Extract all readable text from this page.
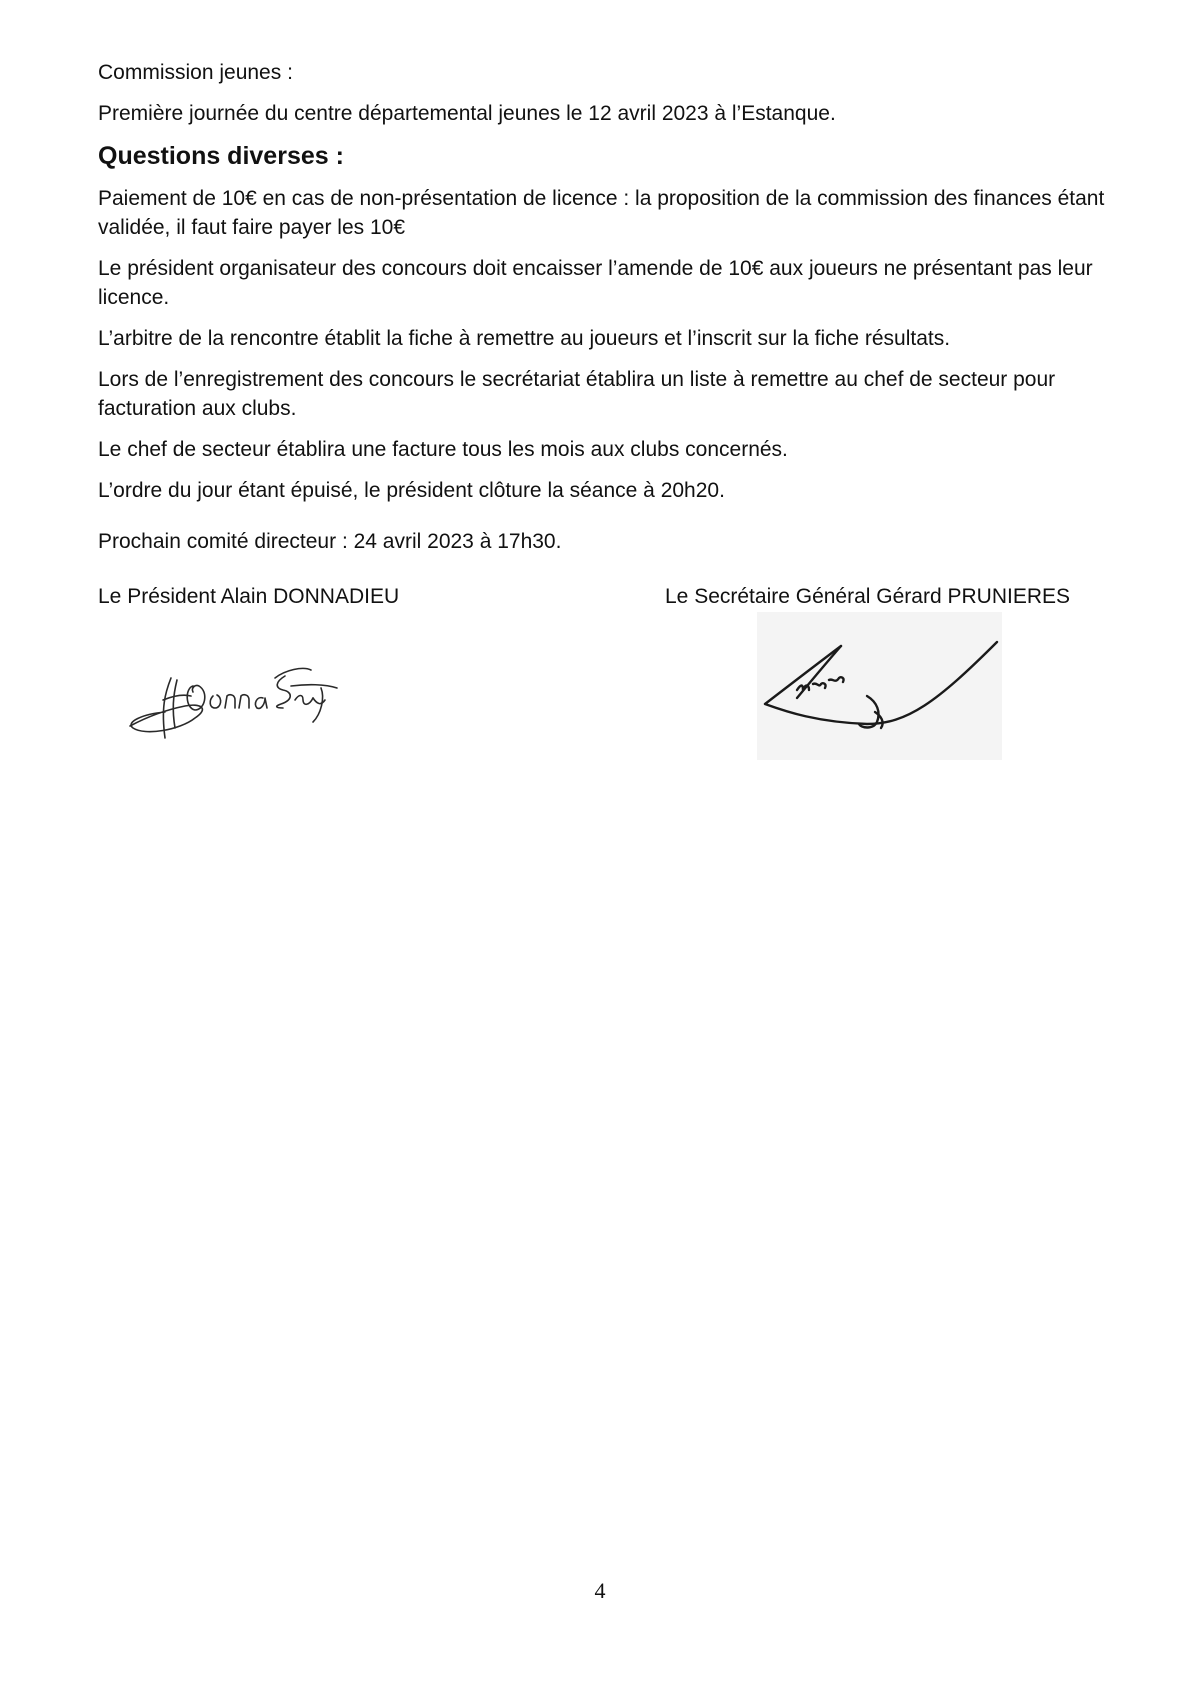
Commission jeunes :

Première journée du centre départemental jeunes le 12 avril 2023 à l’Estanque.

Questions diverses :

Paiement de 10€ en cas de non-présentation de licence : la proposition de la commission des finances étant validée, il faut faire payer les 10€

Le président organisateur des concours doit encaisser l’amende de 10€ aux joueurs ne présentant pas leur licence.

L’arbitre de la rencontre établit la fiche à remettre au joueurs et l’inscrit sur la fiche résultats.

Lors de l’enregistrement des concours le secrétariat établira un liste à remettre au chef de secteur pour facturation aux clubs.

Le chef de secteur établira une facture tous les mois aux clubs concernés.

L’ordre du jour étant épuisé, le président clôture la séance à 20h20.

Prochain comité directeur : 24 avril 2023 à 17h30.

Le Président Alain DONNADIEU	Le Secrétaire Général Gérard PRUNIERES
4
